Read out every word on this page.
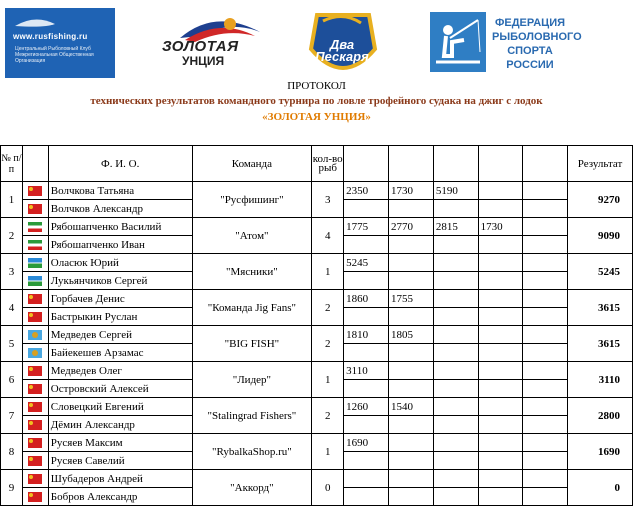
www.rusfishing.ru
Центральный Рыболовный Клуб Межрегиональная Общественная Организация
ЗОЛОТАЯ
УНЦИЯ
Два Пескаря
ФЕДЕРАЦИЯ РЫБОЛОВНОГО СПОРТА РОССИИ
ПРОТОКОЛ
технических результатов командного турнира по ловле трофейного судака на джиг с лодок
«ЗОЛОТАЯ УНЦИЯ»
№ п/п		Ф. И. О.	Команда	кол-во рыб						Результат
1		Волчкова Татьяна	"Русфишинг"	3	2350	1730	5190			9270
		Волчков Александр								
2		Рябошапченко Василий	"Атом"	4	1775	2770	2815	1730		9090
		Рябошапченко Иван								
3		Оласюк Юрий	"Мясники"	1	5245					5245
		Лукьянчиков Сергей								
4		Горбачев Денис	"Команда Jig Fans"	2	1860	1755				3615
		Бастрыкин Руслан								
5		Медведев Сергей	"BIG FISH"	2	1810	1805				3615
		Байекешев Арзамас								
6		Медведев Олег	"Лидер"	1	3110					3110
		Островский Алексей								
7		Словецкий Евгений	"Stalingrad Fishers"	2	1260	1540				2800
		Дёмин Александр								
8		Русяев Максим	"RybalkaShop.ru"	1	1690					1690
		Русяев Савелий								
9		Шубадеров Андрей	"Аккорд"	0						0
		Бобров Александр								
